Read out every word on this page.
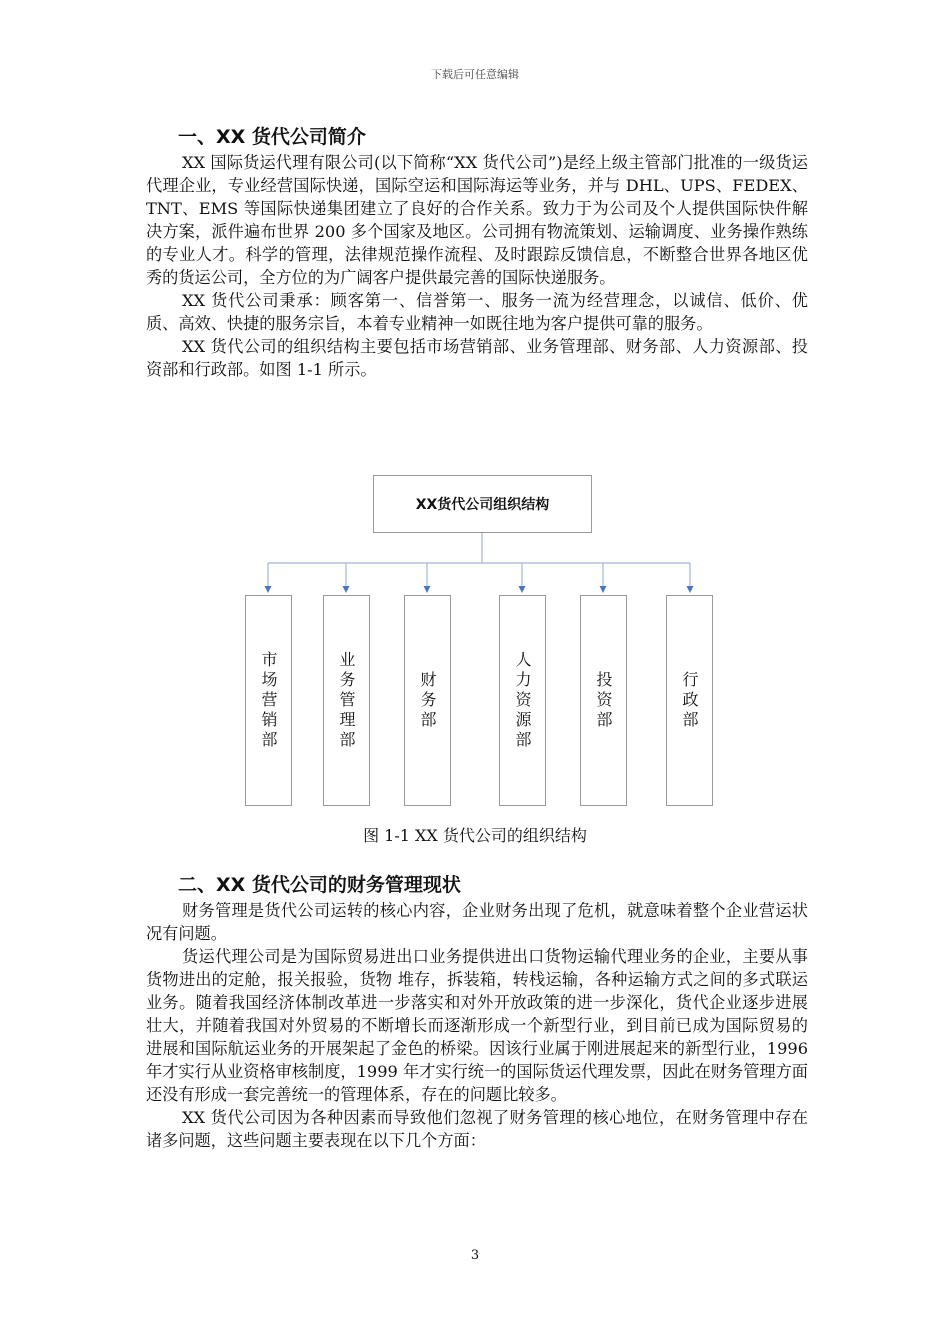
下载后可任意编辑
一、XX 货代公司简介

XX 国际货运代理有限公司(以下简称“XX 货代公司”)是经上级主管部门批准的一级货运代理企业，专业经营国际快递，国际空运和国际海运等业务，并与 DHL、UPS、FEDEX、TNT、EMS 等国际快递集团建立了良好的合作关系。致力于为公司及个人提供国际快件解决方案，派件遍布世界 200 多个国家及地区。公司拥有物流策划、运输调度、业务操作熟练的专业人才。科学的管理，法律规范操作流程、及时跟踪反馈信息，不断整合世界各地区优秀的货运公司，全方位的为广阔客户提供最完善的国际快递服务。

XX 货代公司秉承：顾客第一、信誉第一、服务一流为经营理念，以诚信、低价、优质、高效、快捷的服务宗旨，本着专业精神一如既往地为客户提供可靠的服务。

XX 货代公司的组织结构主要包括市场营销部、业务管理部、财务部、人力资源部、投资部和行政部。如图 1-1 所示。

XX货代公司组织结构
市场营销部	业务管理部	财务部	人力资源部	投资部	行政部
图 1-1 XX 货代公司的组织结构
二、XX 货代公司的财务管理现状

财务管理是货代公司运转的核心内容，企业财务出现了危机，就意味着整个企业营运状况有问题。

货运代理公司是为国际贸易进出口业务提供进出口货物运输代理业务的企业，主要从事货物进出的定舱，报关报验，货物 堆存，拆装箱，转栈运输，各种运输方式之间的多式联运业务。随着我国经济体制改革进一步落实和对外开放政策的进一步深化，货代企业逐步进展壮大，并随着我国对外贸易的不断增长而逐渐形成一个新型行业，到目前已成为国际贸易的进展和国际航运业务的开展架起了金色的桥梁。因该行业属于刚进展起来的新型行业，1996 年才实行从业资格审核制度，1999 年才实行统一的国际货运代理发票，因此在财务管理方面还没有形成一套完善统一的管理体系，存在的问题比较多。

XX 货代公司因为各种因素而导致他们忽视了财务管理的核心地位，在财务管理中存在诸多问题，这些问题主要表现在以下几个方面：

3
